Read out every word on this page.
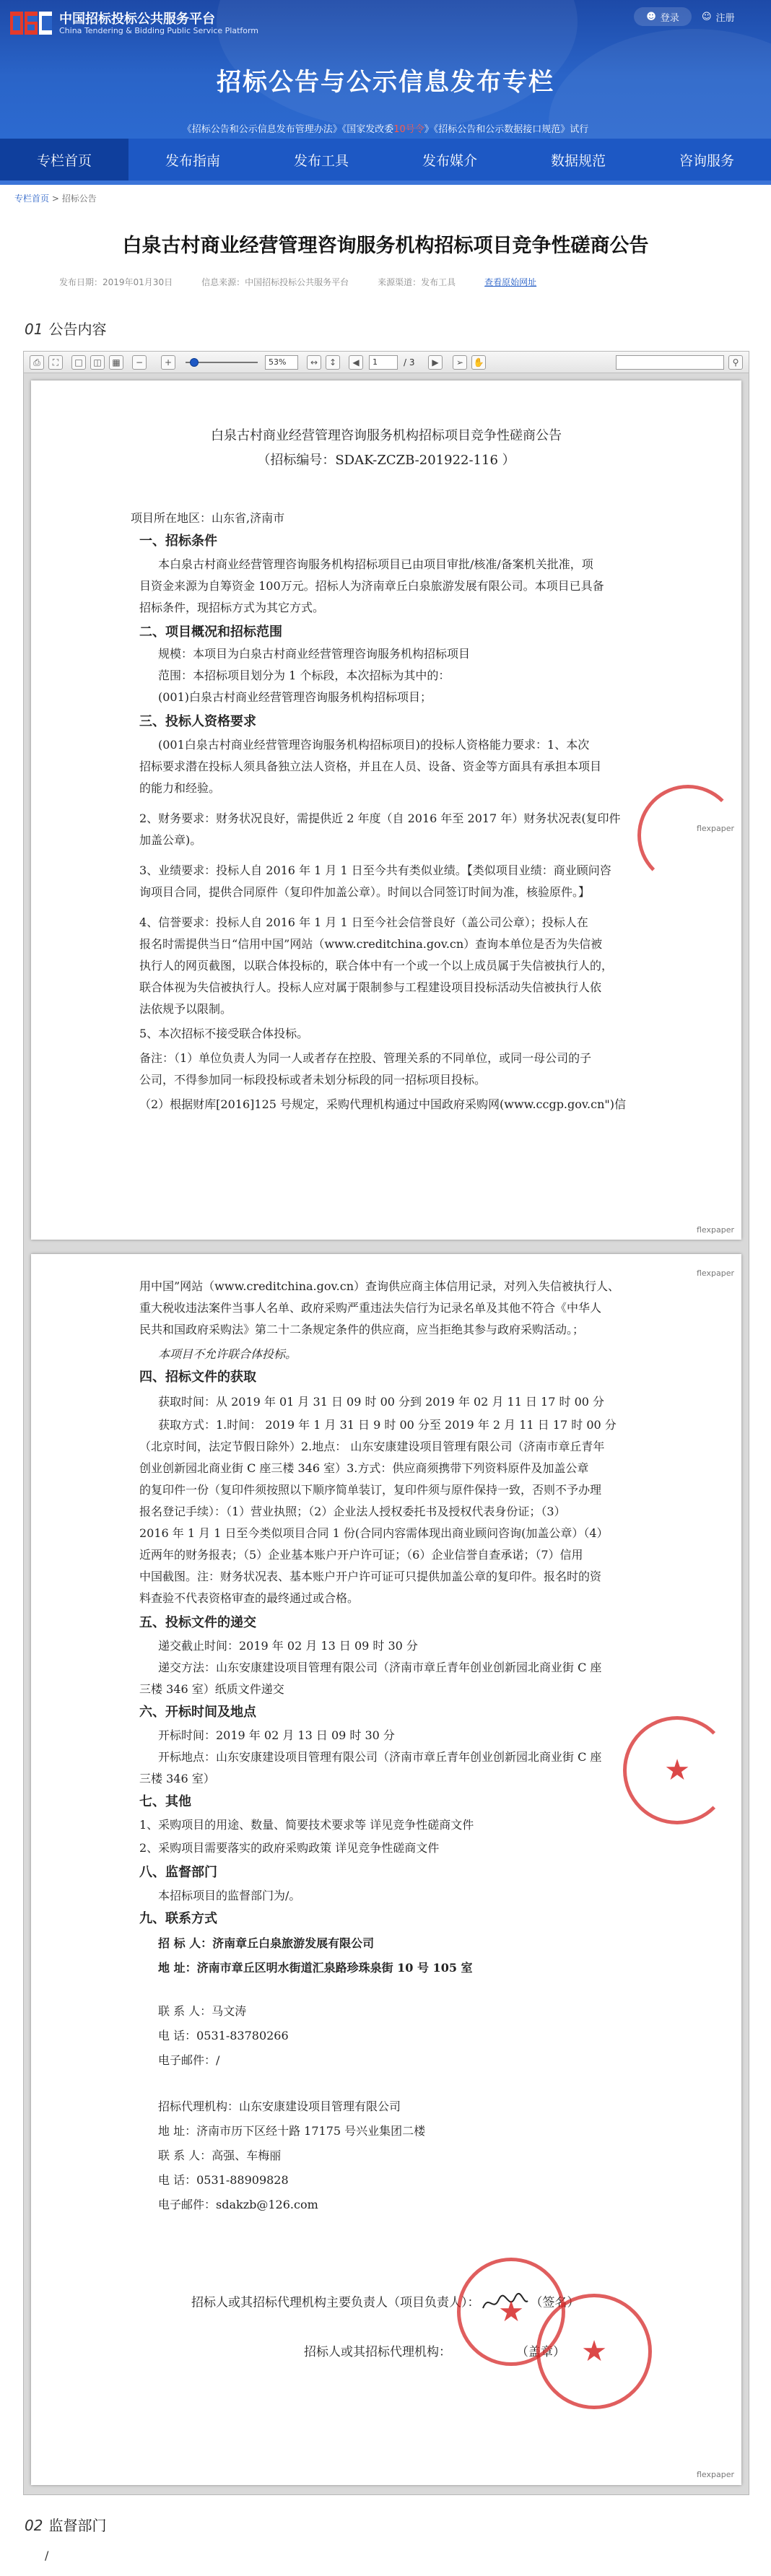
中国招标投标公共服务平台
China Tendering & Bidding Public Service Platform
☻ 登录 ☺ 注册
招标公告与公示信息发布专栏
《招标公告和公示信息发布管理办法》《国家发改委10号令》《招标公告和公示数据接口规范》试行
专栏首页	发布指南	发布工具	发布媒介	数据规范	咨询服务
专栏首页 > 招标公告
白泉古村商业经营管理咨询服务机构招标项目竞争性磋商公告
发布日期：2019年01月30日	信息来源：中国招标投标公共服务平台	来源渠道：发布工具	查看原始网址
01 公告内容
⎙	⛶	□	◫	▦	−	+	53%	↔	↕	◀	1	/ 3	▶	➢	✋	⚲
白泉古村商业经营管理咨询服务机构招标项目竞争性磋商公告
（招标编号：SDAK-ZCZB-201922-116 ）
项目所在地区：山东省,济南市
一、招标条件
本白泉古村商业经营管理咨询服务机构招标项目已由项目审批/核准/备案机关批准，项
目资金来源为自筹资金 100万元。招标人为济南章丘白泉旅游发展有限公司。本项目已具备
招标条件，现招标方式为其它方式。
二、项目概况和招标范围
规模：本项目为白泉古村商业经营管理咨询服务机构招标项目
范围：本招标项目划分为 1 个标段，本次招标为其中的：
(001)白泉古村商业经营管理咨询服务机构招标项目；
三、投标人资格要求
(001白泉古村商业经营管理咨询服务机构招标项目)的投标人资格能力要求：1、本次
招标要求潜在投标人须具备独立法人资格，并且在人员、设备、资金等方面具有承担本项目
的能力和经验。
2、财务要求：财务状况良好，需提供近 2 年度（自 2016 年至 2017 年）财务状况表(复印件
加盖公章)。
3、业绩要求：投标人自 2016 年 1 月 1 日至今共有类似业绩。【类似项目业绩：商业顾问咨
询项目合同，提供合同原件（复印件加盖公章）。时间以合同签订时间为准，核验原件。】
4、信誉要求：投标人自 2016 年 1 月 1 日至今社会信誉良好（盖公司公章）；投标人在
报名时需提供当日“信用中国”网站（www.creditchina.gov.cn）查询本单位是否为失信被
执行人的网页截图，以联合体投标的，联合体中有一个或一个以上成员属于失信被执行人的，
联合体视为失信被执行人。投标人应对属于限制参与工程建设项目投标活动失信被执行人依
法依规予以限制。
5、本次招标不接受联合体投标。
备注：（1）单位负责人为同一人或者存在控股、管理关系的不同单位，或同一母公司的子
公司，不得参加同一标段投标或者未划分标段的同一招标项目投标。
（2）根据财库[2016]125 号规定，采购代理机构通过中国政府采购网(www.ccgp.gov.cn")信
flexpaper
flexpaper
用中国”网站（www.creditchina.gov.cn）查询供应商主体信用记录，对列入失信被执行人、
重大税收违法案件当事人名单、政府采购严重违法失信行为记录名单及其他不符合《中华人
民共和国政府采购法》第二十二条规定条件的供应商，应当拒绝其参与政府采购活动。；
本项目不允许联合体投标。
四、招标文件的获取
获取时间：从 2019 年 01 月 31 日 09 时 00 分到 2019 年 02 月 11 日 17 时 00 分
获取方式：1.时间： 2019 年 1 月 31 日 9 时 00 分至 2019 年 2 月 11 日 17 时 00 分
（北京时间，法定节假日除外）2.地点： 山东安康建设项目管理有限公司（济南市章丘青年
创业创新园北商业街 C 座三楼 346 室）3.方式：供应商须携带下列资料原件及加盖公章
的复印件一份（复印件须按照以下顺序简单装订，复印件须与原件保持一致，否则不予办理
报名登记手续）：（1）营业执照；（2）企业法人授权委托书及授权代表身份证；（3）
2016 年 1 月 1 日至今类似项目合同 1 份(合同内容需体现出商业顾问咨询(加盖公章）（4）
近两年的财务报表；（5）企业基本账户开户许可证；（6）企业信誉自查承诺；（7）信用
中国截图。注：财务状况表、基本账户开户许可证可只提供加盖公章的复印件。报名时的资
料查验不代表资格审查的最终通过或合格。
五、投标文件的递交
递交截止时间：2019 年 02 月 13 日 09 时 30 分
递交方法：山东安康建设项目管理有限公司（济南市章丘青年创业创新园北商业街 C 座
三楼 346 室）纸质文件递交
六、开标时间及地点
开标时间：2019 年 02 月 13 日 09 时 30 分
开标地点：山东安康建设项目管理有限公司（济南市章丘青年创业创新园北商业街 C 座
三楼 346 室）
七、其他
1、采购项目的用途、数量、简要技术要求等 详见竞争性磋商文件
2、采购项目需要落实的政府采购政策 详见竞争性磋商文件
八、监督部门
本招标项目的监督部门为/。
九、联系方式
招 标 人：济南章丘白泉旅游发展有限公司
地 址：济南市章丘区明水街道汇泉路珍珠泉街 10 号 105 室
联 系 人：马文涛
电 话：0531-83780266
电子邮件：/
招标代理机构：山东安康建设项目管理有限公司
地 址：济南市历下区经十路 17175 号兴业集团二楼
联 系 人：高强、车梅丽
电 话：0531-88909828
电子邮件：sdakzb@126.com
招标人或其招标代理机构主要负责人（项目负责人）：	（签名）
招标人或其招标代理机构：	（盖章）
★
★
★
flexpaper
flexpaper
02 监督部门
/
